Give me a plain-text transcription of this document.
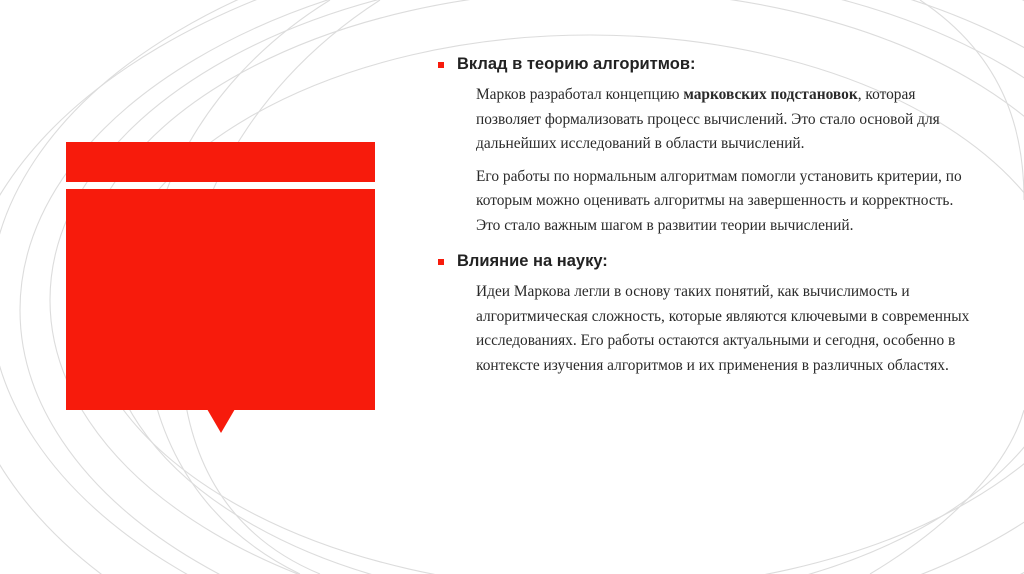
Вклад в теорию алгоритмов:

Марков разработал концепцию марковских подстановок, которая позволяет формализовать процесс вычислений. Это стало основой для дальнейших исследований в области вычислений.

Его работы по нормальным алгоритмам помогли установить критерии, по которым можно оценивать алгоритмы на завершенность и корректность. Это стало важным шагом в развитии теории вычислений.

Влияние на науку:

Идеи Маркова легли в основу таких понятий, как вычислимость и алгоритмическая сложность, которые являются ключевыми в современных исследованиях. Его работы остаются актуальными и сегодня, особенно в контексте изучения алгоритмов и их применения в различных областях.
